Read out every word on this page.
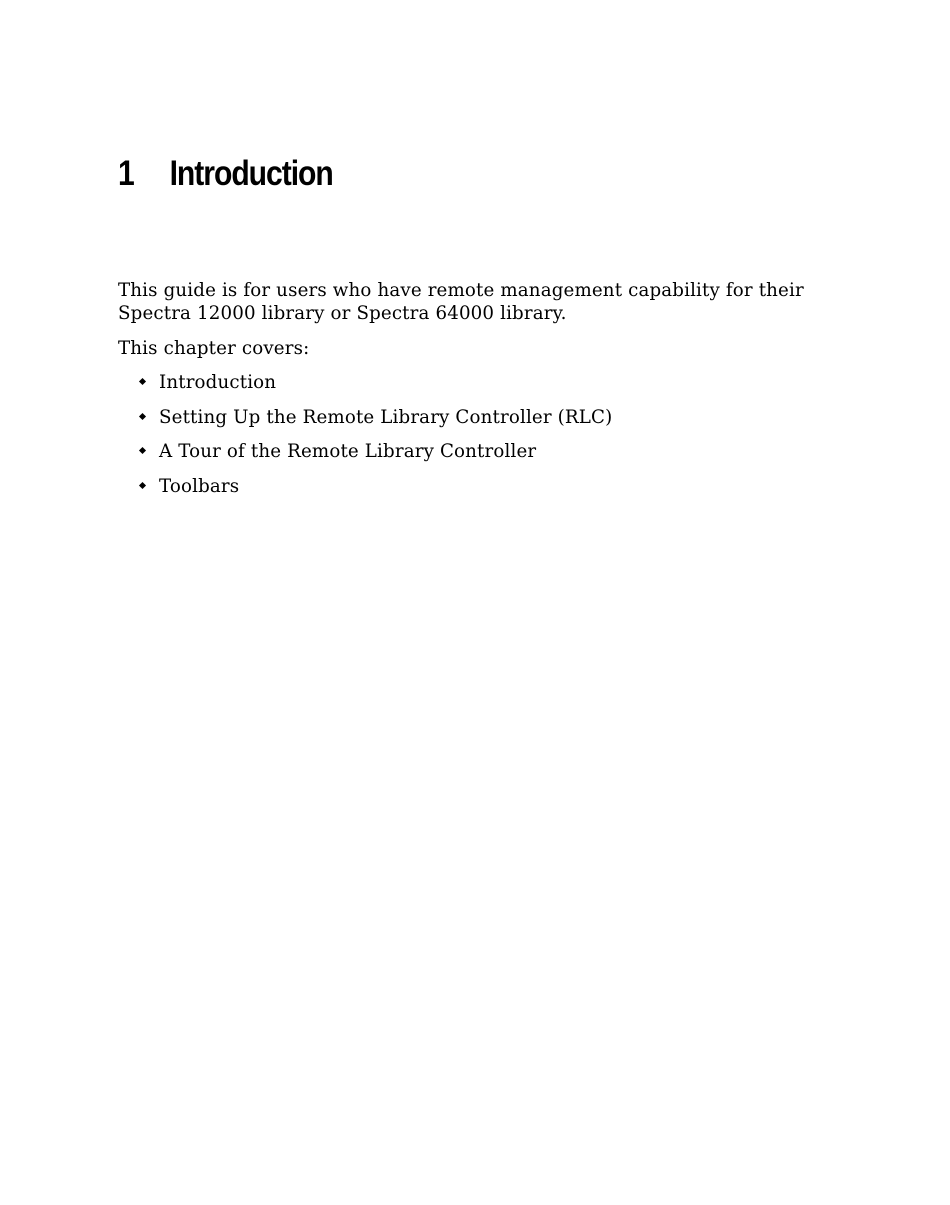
1 Introduction

This guide is for users who have remote management capability for their
Spectra 12000 library or Spectra 64000 library.

This chapter covers:

Introduction
Setting Up the Remote Library Controller (RLC)
A Tour of the Remote Library Controller
Toolbars
